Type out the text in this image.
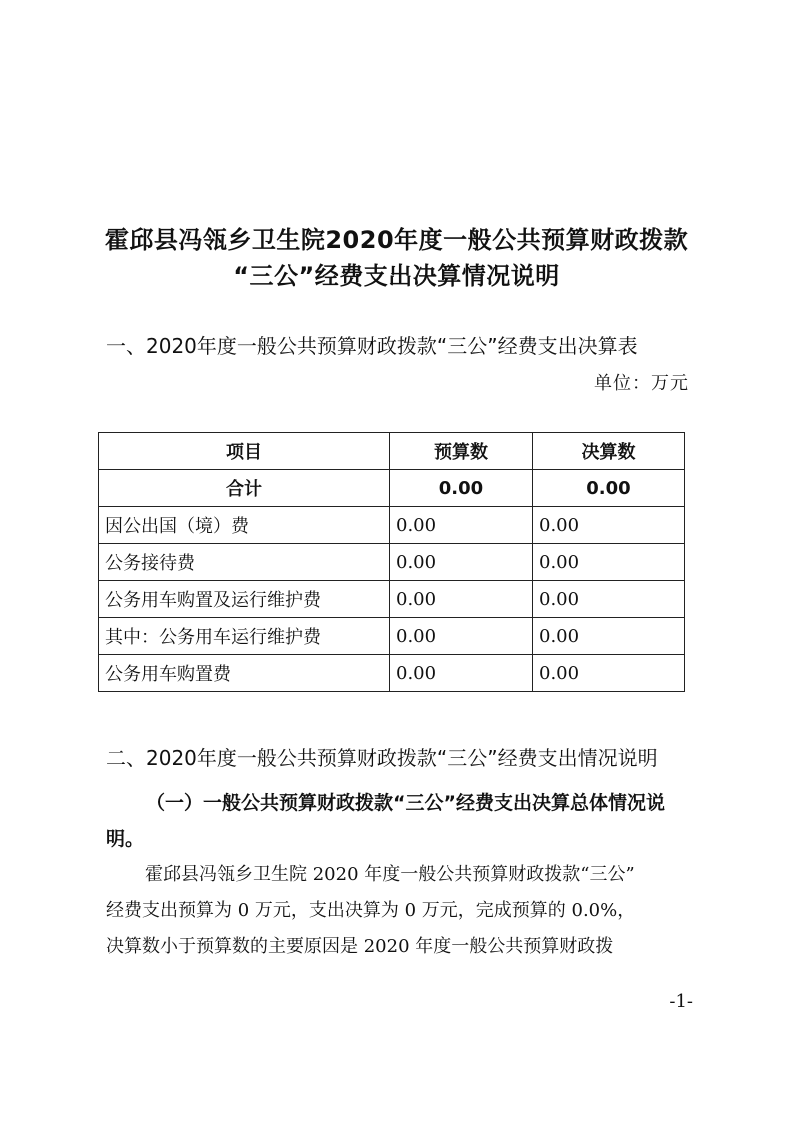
霍邱县冯瓴乡卫生院2020年度一般公共预算财政拨款
“三公”经费支出决算情况说明
一、2020年度一般公共预算财政拨款“三公”经费支出决算表
单位：万元
项目	预算数	决算数
合计	0.00	0.00
因公出国（境）费	0.00	0.00
公务接待费	0.00	0.00
公务用车购置及运行维护费	0.00	0.00
其中：公务用车运行维护费	0.00	0.00
公务用车购置费	0.00	0.00
二、2020年度一般公共预算财政拨款“三公”经费支出情况说明
（一）一般公共预算财政拨款“三公”经费支出决算总体情况说明。
霍邱县冯瓴乡卫生院 2020 年度一般公共预算财政拨款“三公”
经费支出预算为 0 万元，支出决算为 0 万元，完成预算的 0.0%，
决算数小于预算数的主要原因是 2020 年度一般公共预算财政拨
-1-
